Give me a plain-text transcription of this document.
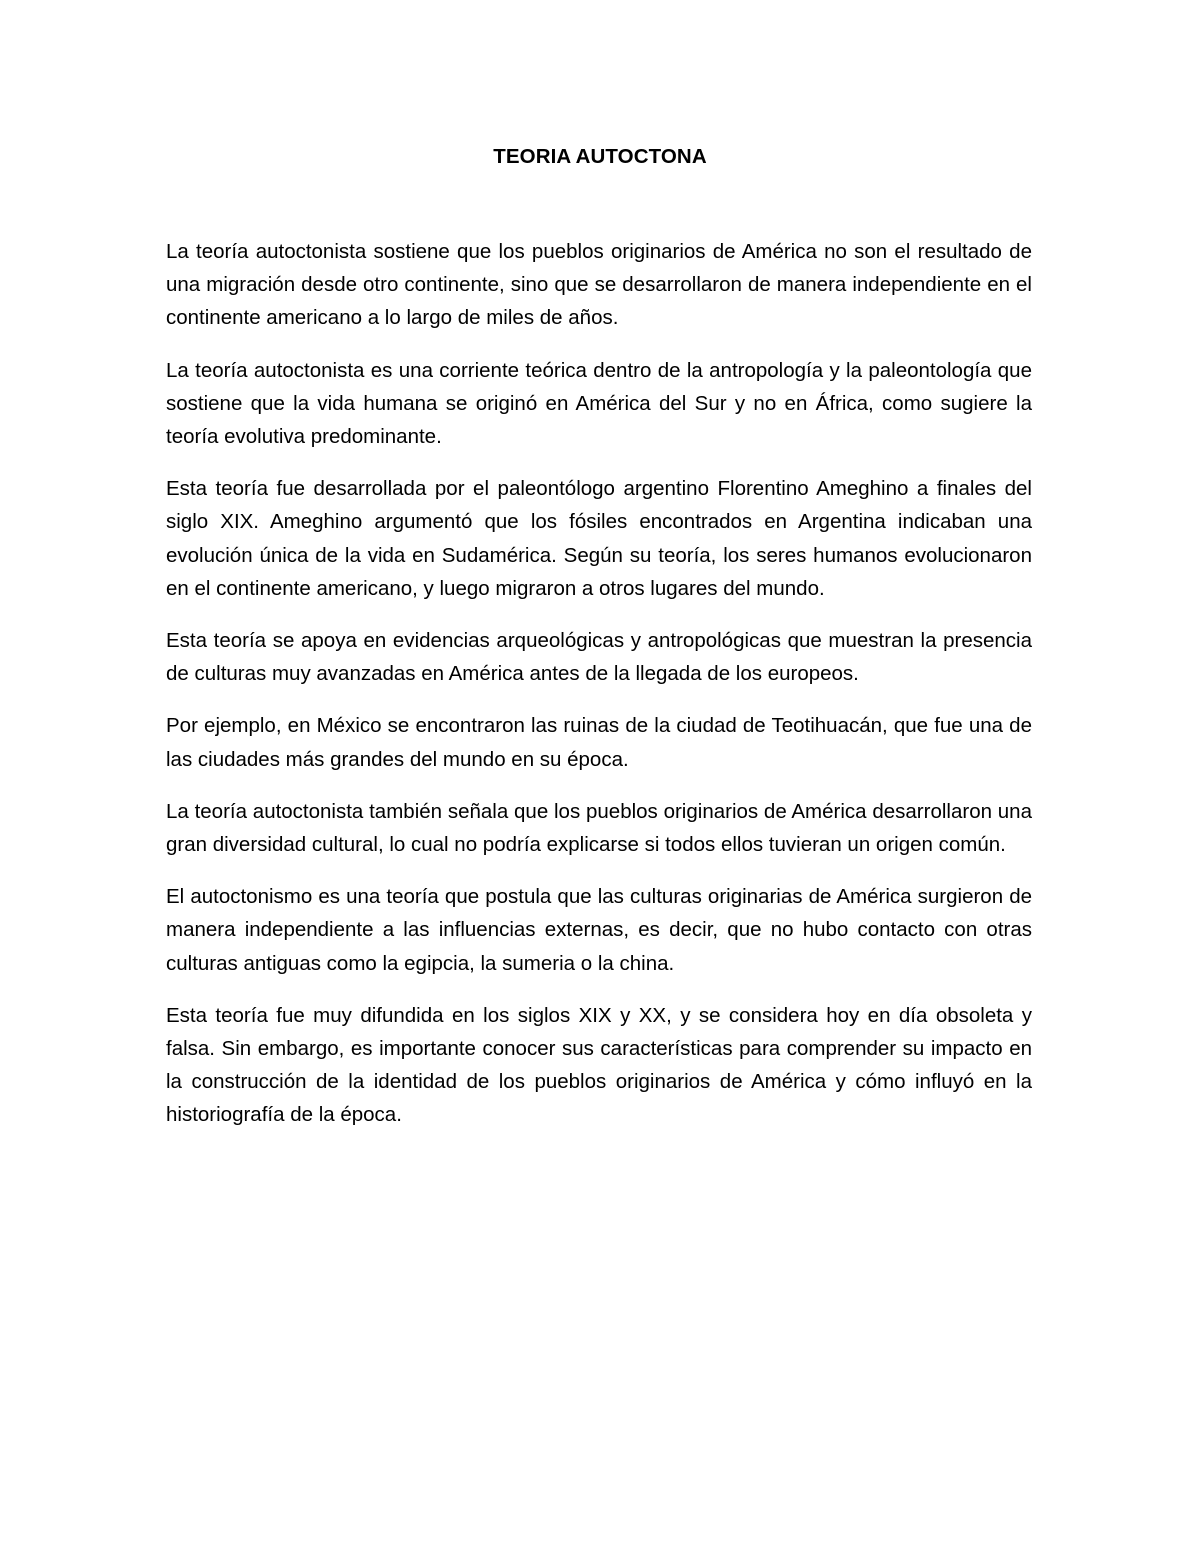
TEORIA AUTOCTONA

La teoría autoctonista sostiene que los pueblos originarios de América no son el resultado de una migración desde otro continente, sino que se desarrollaron de manera independiente en el continente americano a lo largo de miles de años.

La teoría autoctonista es una corriente teórica dentro de la antropología y la paleontología que sostiene que la vida humana se originó en América del Sur y no en África, como sugiere la teoría evolutiva predominante.

Esta teoría fue desarrollada por el paleontólogo argentino Florentino Ameghino a finales del siglo XIX. Ameghino argumentó que los fósiles encontrados en Argentina indicaban una evolución única de la vida en Sudamérica. Según su teoría, los seres humanos evolucionaron en el continente americano, y luego migraron a otros lugares del mundo.

Esta teoría se apoya en evidencias arqueológicas y antropológicas que muestran la presencia de culturas muy avanzadas en América antes de la llegada de los europeos.

Por ejemplo, en México se encontraron las ruinas de la ciudad de Teotihuacán, que fue una de las ciudades más grandes del mundo en su época.

La teoría autoctonista también señala que los pueblos originarios de América desarrollaron una gran diversidad cultural, lo cual no podría explicarse si todos ellos tuvieran un origen común.

El autoctonismo es una teoría que postula que las culturas originarias de América surgieron de manera independiente a las influencias externas, es decir, que no hubo contacto con otras culturas antiguas como la egipcia, la sumeria o la china.

Esta teoría fue muy difundida en los siglos XIX y XX, y se considera hoy en día obsoleta y falsa. Sin embargo, es importante conocer sus características para comprender su impacto en la construcción de la identidad de los pueblos originarios de América y cómo influyó en la historiografía de la época.
